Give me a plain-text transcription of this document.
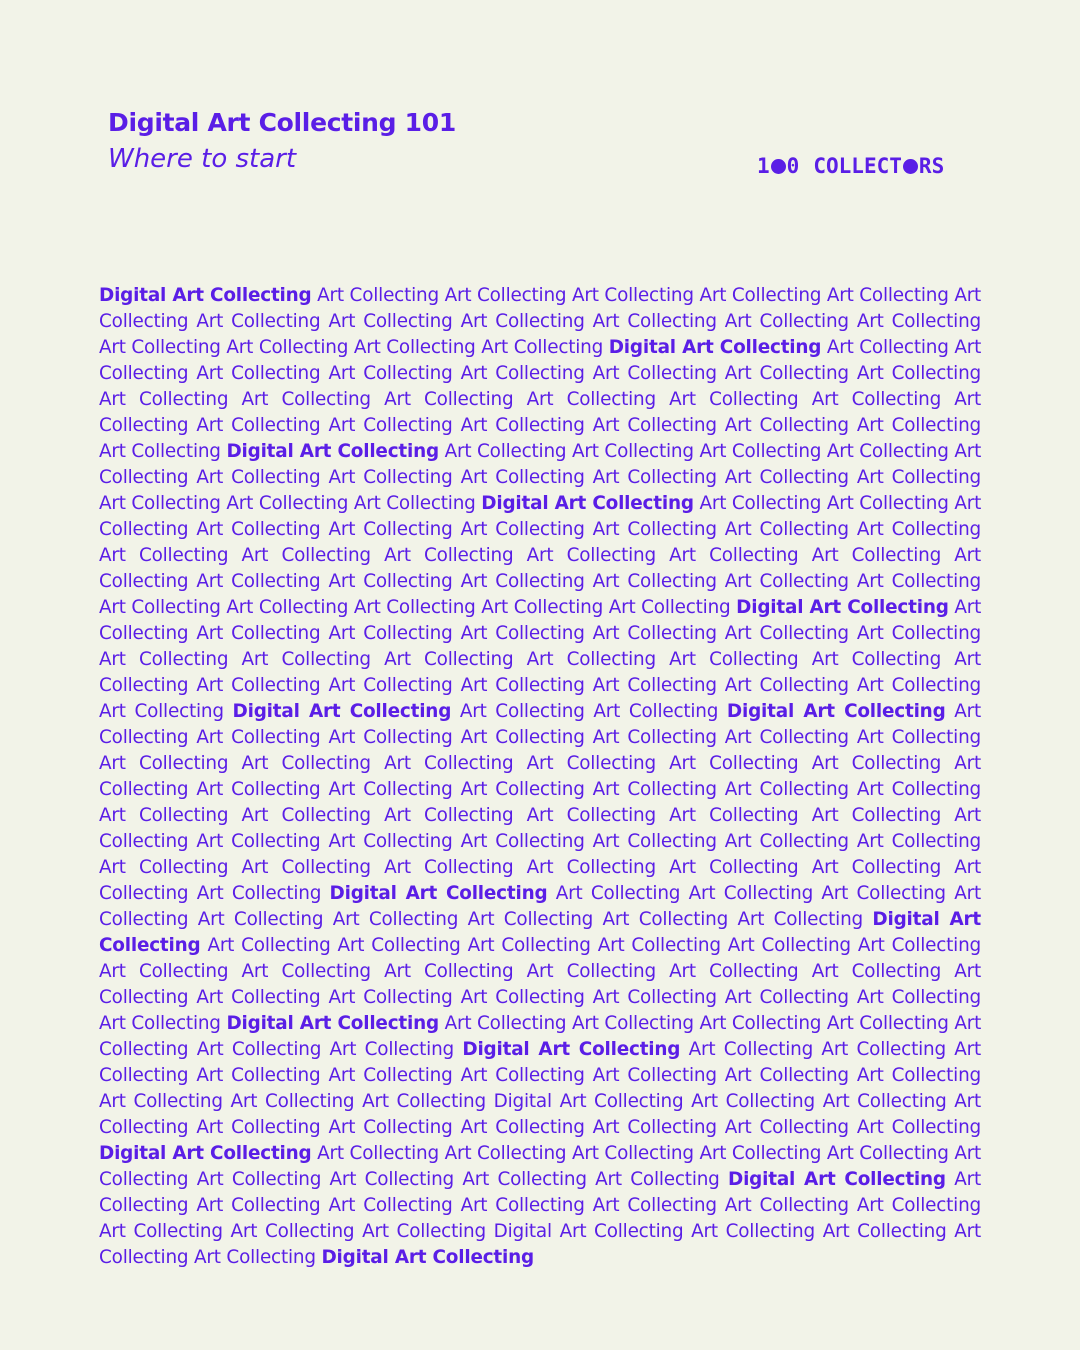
Digital Art Collecting 101
Where to start	1 0 C O L L E C T R S
Digital Art Collecting Art Collecting Art Collecting Art Collecting Art Collecting Art Collecting Art
Collecting Art Collecting Art Collecting Art Collecting Art Collecting Art Collecting Art Collecting
Art Collecting Art Collecting Art Collecting Art Collecting Digital Art Collecting Art Collecting Art
Collecting Art Collecting Art Collecting Art Collecting Art Collecting Art Collecting Art Collecting
Art Collecting Art Collecting Art Collecting Art Collecting Art Collecting Art Collecting Art
Collecting Art Collecting Art Collecting Art Collecting Art Collecting Art Collecting Art Collecting
Art Collecting Digital Art Collecting Art Collecting Art Collecting Art Collecting Art Collecting Art
Collecting Art Collecting Art Collecting Art Collecting Art Collecting Art Collecting Art Collecting
Art Collecting Art Collecting Art Collecting Digital Art Collecting Art Collecting Art Collecting Art
Collecting Art Collecting Art Collecting Art Collecting Art Collecting Art Collecting Art Collecting
Art Collecting Art Collecting Art Collecting Art Collecting Art Collecting Art Collecting Art
Collecting Art Collecting Art Collecting Art Collecting Art Collecting Art Collecting Art Collecting
Art Collecting Art Collecting Art Collecting Art Collecting Art Collecting Digital Art Collecting Art
Collecting Art Collecting Art Collecting Art Collecting Art Collecting Art Collecting Art Collecting
Art Collecting Art Collecting Art Collecting Art Collecting Art Collecting Art Collecting Art
Collecting Art Collecting Art Collecting Art Collecting Art Collecting Art Collecting Art Collecting
Art Collecting Digital Art Collecting Art Collecting Art Collecting Digital Art Collecting Art
Collecting Art Collecting Art Collecting Art Collecting Art Collecting Art Collecting Art Collecting
Art Collecting Art Collecting Art Collecting Art Collecting Art Collecting Art Collecting Art
Collecting Art Collecting Art Collecting Art Collecting Art Collecting Art Collecting Art Collecting
Art Collecting Art Collecting Art Collecting Art Collecting Art Collecting Art Collecting Art
Collecting Art Collecting Art Collecting Art Collecting Art Collecting Art Collecting Art Collecting
Art Collecting Art Collecting Art Collecting Art Collecting Art Collecting Art Collecting Art
Collecting Art Collecting Digital Art Collecting Art Collecting Art Collecting Art Collecting Art
Collecting Art Collecting Art Collecting Art Collecting Art Collecting Art Collecting Digital Art
Collecting Art Collecting Art Collecting Art Collecting Art Collecting Art Collecting Art Collecting
Art Collecting Art Collecting Art Collecting Art Collecting Art Collecting Art Collecting Art
Collecting Art Collecting Art Collecting Art Collecting Art Collecting Art Collecting Art Collecting
Art Collecting Digital Art Collecting Art Collecting Art Collecting Art Collecting Art Collecting Art
Collecting Art Collecting Art Collecting Digital Art Collecting Art Collecting Art Collecting Art
Collecting Art Collecting Art Collecting Art Collecting Art Collecting Art Collecting Art Collecting
Art Collecting Art Collecting Art Collecting Digital Art Collecting Art Collecting Art Collecting Art
Collecting Art Collecting Art Collecting Art Collecting Art Collecting Art Collecting Art Collecting
Digital Art Collecting Art Collecting Art Collecting Art Collecting Art Collecting Art Collecting Art
Collecting Art Collecting Art Collecting Art Collecting Art Collecting Digital Art Collecting Art
Collecting Art Collecting Art Collecting Art Collecting Art Collecting Art Collecting Art Collecting
Art Collecting Art Collecting Art Collecting Digital Art Collecting Art Collecting Art Collecting Art
Collecting Art Collecting Digital Art Collecting
